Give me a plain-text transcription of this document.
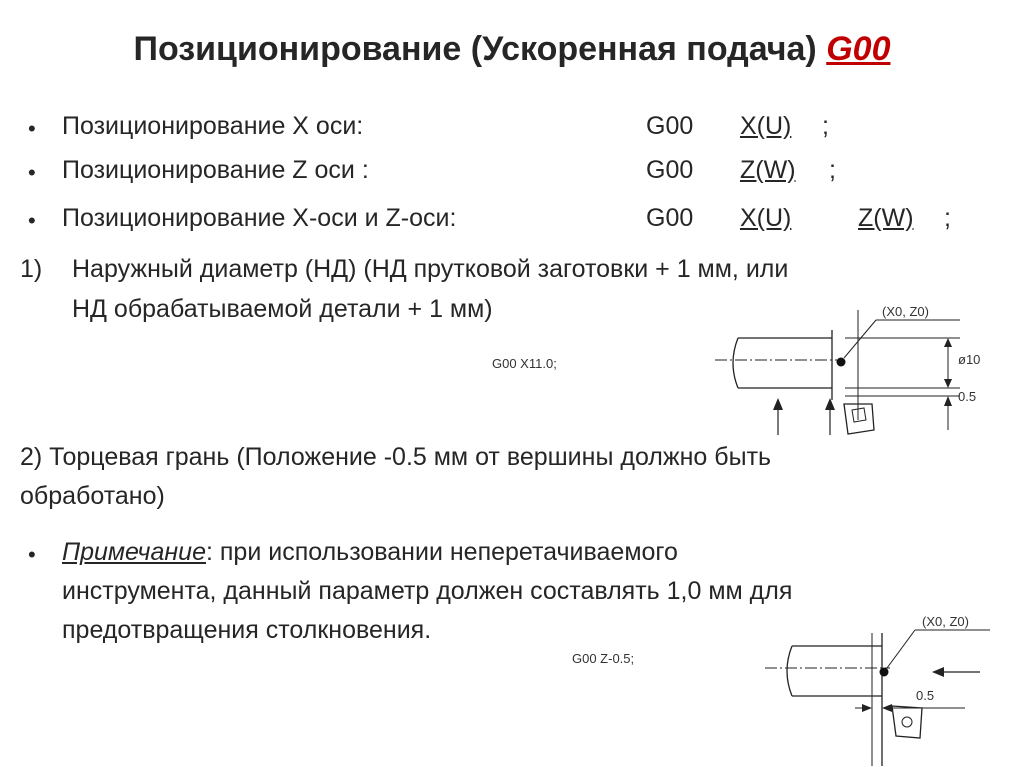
Позиционирование (Ускоренная подача) G00
• Позиционирование X оси:	G00 X(U) ;
• Позиционирование Z оси :	G00 Z(W) ;
• Позиционирование X-оси и Z-оси:	G00 X(U)	Z(W) ;
1) Наружный диаметр (НД) (НД прутковой заготовки + 1 мм, или
НД обрабатываемой детали + 1 мм)
G00 X11.0;
(X0, Z0)
ø10
0.5
2) Торцевая грань (Положение -0.5 мм от вершины должно быть
обработано)
• Примечание: при использовании неперетачиваемого
инструмента, данный параметр должен составлять 1,0 мм для
предотвращения столкновения.
G00 Z-0.5;
(X0, Z0)
0.5
